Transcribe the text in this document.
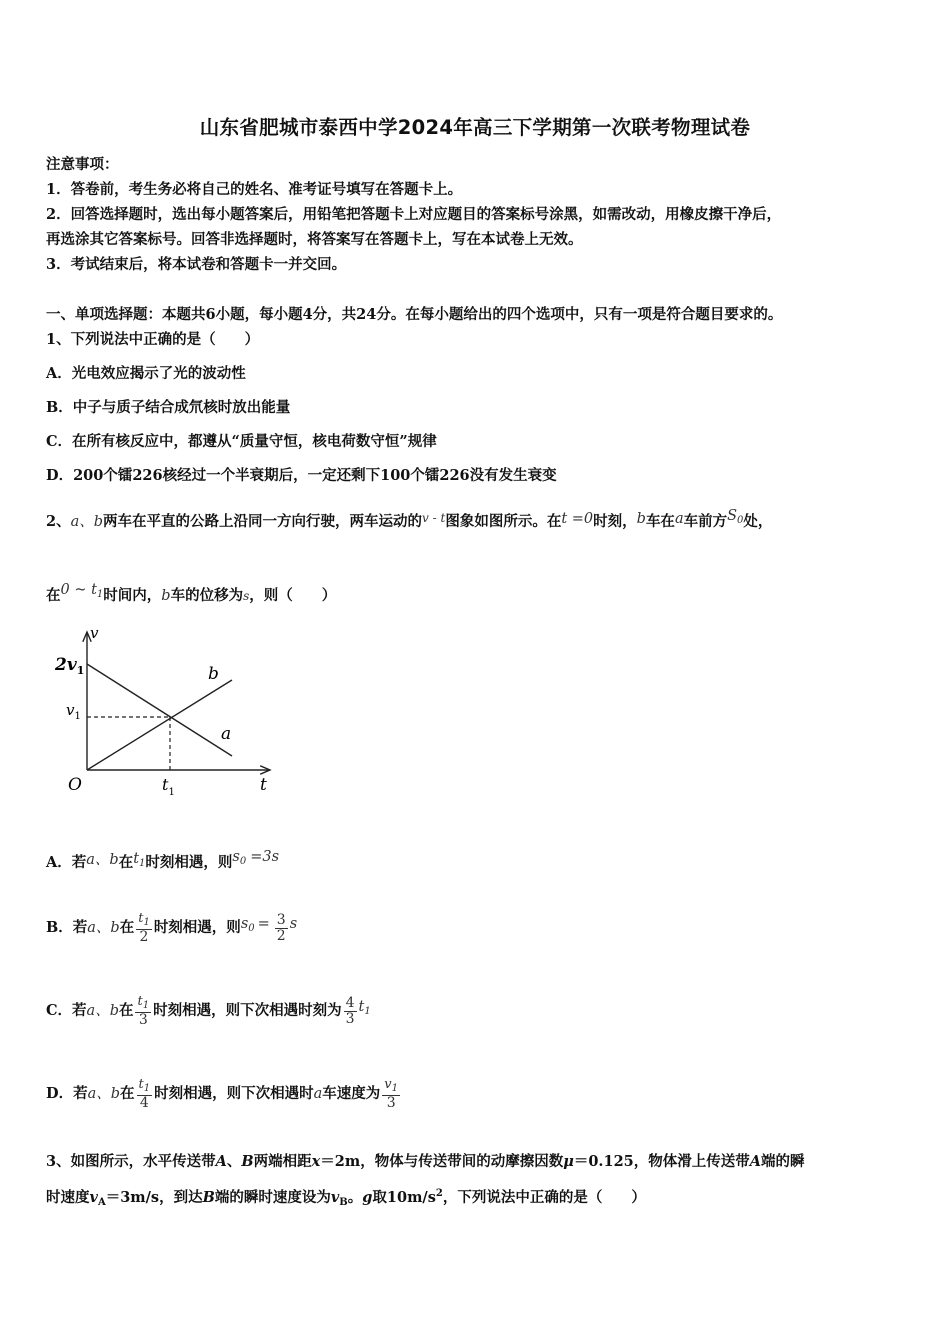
山东省肥城市泰西中学2024年高三下学期第一次联考物理试卷
注意事项：
1．答卷前，考生务必将自己的姓名、准考证号填写在答题卡上。
2．回答选择题时，选出每小题答案后，用铅笔把答题卡上对应题目的答案标号涂黑，如需改动，用橡皮擦干净后，
再选涂其它答案标号。回答非选择题时，将答案写在答题卡上，写在本试卷上无效。
3．考试结束后，将本试卷和答题卡一并交回。
一、单项选择题：本题共6小题，每小题4分，共24分。在每小题给出的四个选项中，只有一项是符合题目要求的。
1、下列说法中正确的是（　　）
A．光电效应揭示了光的波动性
B．中子与质子结合成氘核时放出能量
C．在所有核反应中，都遵从“质量守恒，核电荷数守恒”规律
D．200个镭226核经过一个半衰期后，一定还剩下100个镭226没有发生衰变
2、a、b两车在平直的公路上沿同一方向行驶，两车运动的$^{v - t}$图象如图所示。在t =0时刻，b车在a车前方$S_0$处，
在0 ~ $t_1$时间内，b车的位移为s，则（　　）
v
$2v_1$
$v_1$
$t_1$
O	t
b
a
A．若a、b在$t_1$时刻相遇，则$s_0 =3s$
B．若a、b在 $\frac{t_1}{2}$ 时刻相遇，则$s_0 = \frac{3}{2}$ s
C．若a、b在 $\frac{t_1}{3}$ 时刻相遇，则下次相遇时刻为 $\frac{4}{3} t_1$
D．若a、b在 $\frac{t_1}{4}$ 时刻相遇，则下次相遇时a车速度为 $\frac{v_1}{3}$
3、如图所示，水平传送带A、B两端相距x＝2m，物体与传送带间的动摩擦因数μ＝0.125，物体滑上传送带A端的瞬
时速度$v_A=3m/s$，到达B端的瞬时速度设为$v_B$。g取$10m/s^2$，下列说法中正确的是（　　）
